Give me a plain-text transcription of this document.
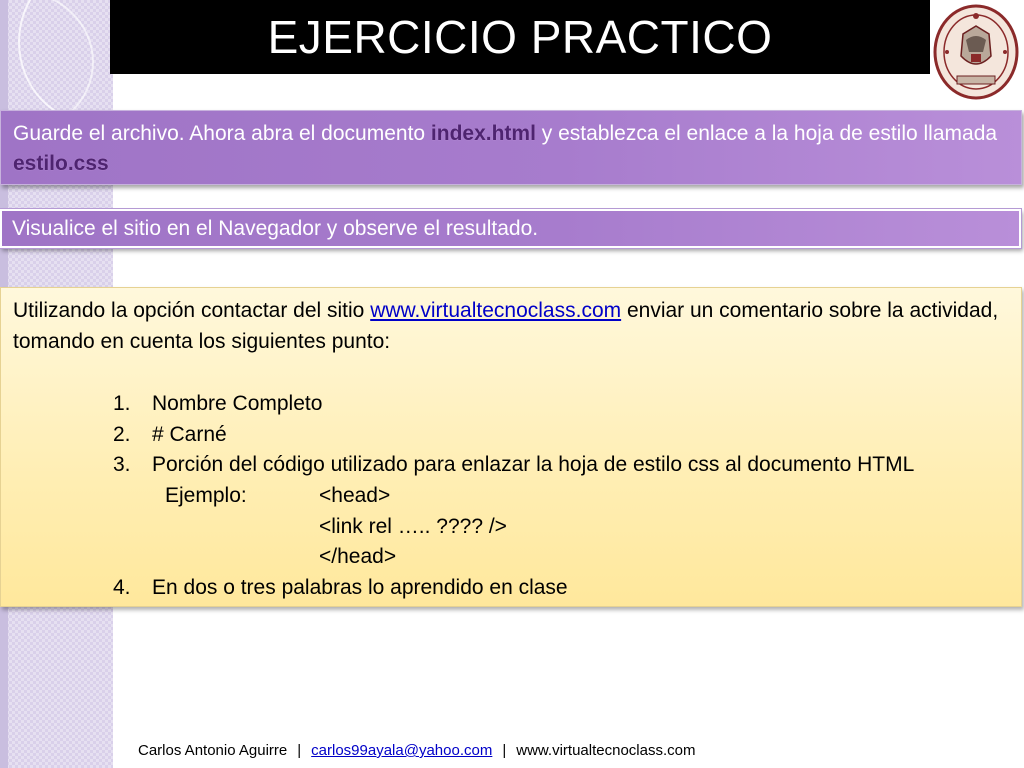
EJERCICIO PRACTICO
Guarde el archivo. Ahora abra el documento index.html y establezca el enlace a la hoja de estilo llamada estilo.css
Visualice el sitio en el Navegador y observe el resultado.
Utilizando la opción contactar del sitio www.virtualtecnoclass.com enviar un comentario sobre la actividad, tomando en cuenta los siguientes punto:
1.	Nombre Completo
2.	# Carné
3.	Porción del código utilizado para enlazar la hoja de estilo css al documento HTML
Ejemplo:	<head>
<link rel ….. ???? />
</head>
4.	En dos o tres palabras lo aprendido en clase
Carlos Antonio Aguirre | carlos99ayala@yahoo.com | www.virtualtecnoclass.com
